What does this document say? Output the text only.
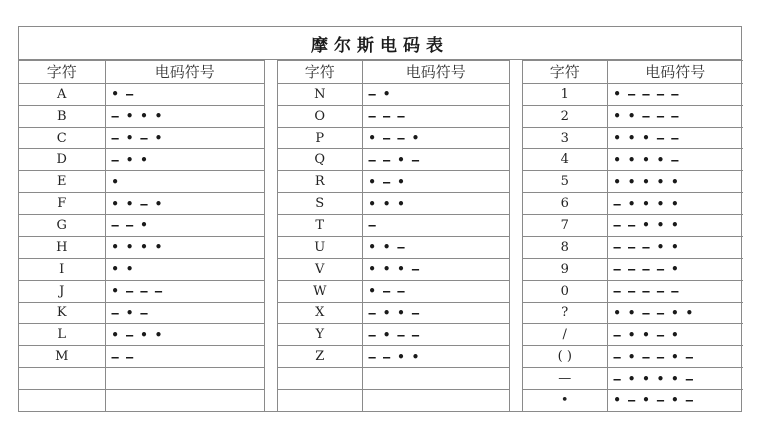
摩尔斯电码表
字符	电码符号
A	• —
B	— • • •
C	— • — •
D	— • •
E	•
F	• • — •
G	— — •
H	• • • •
I	• •
J	• — — —
K	— • —
L	• — • •
M	— —

字符	电码符号
N	— •
O	— — —
P	• — — •
Q	— — • —
R	• — •
S	• • •
T	—
U	• • —
V	• • • —
W	• — —
X	— • • —
Y	— • — —
Z	— — • •

字符	电码符号
1	• — — — —
2	• • — — —
3	• • • — —
4	• • • • —
5	• • • • •
6	— • • • •
7	— — • • •
8	— — — • •
9	— — — — •
0	— — — — —
?	• • — — • •
/	— • • — •
( )	— • — — • —
—	— • • • • —
•	• — • — • —
